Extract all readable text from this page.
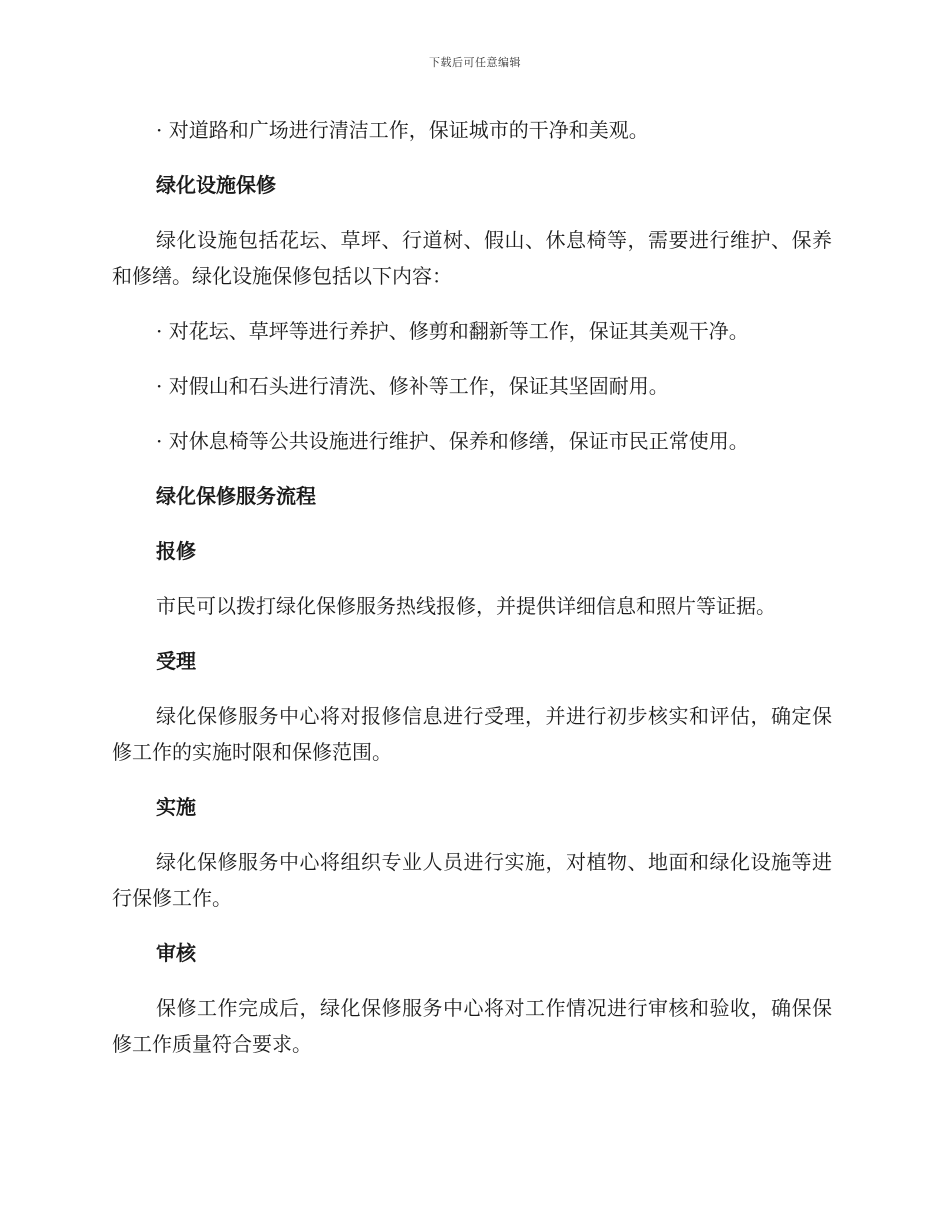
下载后可任意编辑

· 对道路和广场进行清洁工作，保证城市的干净和美观。

绿化设施保修

绿化设施包括花坛、草坪、行道树、假山、休息椅等，需要进行维护、保养和修缮。绿化设施保修包括以下内容：

· 对花坛、草坪等进行养护、修剪和翻新等工作，保证其美观干净。

· 对假山和石头进行清洗、修补等工作，保证其坚固耐用。

· 对休息椅等公共设施进行维护、保养和修缮，保证市民正常使用。

绿化保修服务流程

报修

市民可以拨打绿化保修服务热线报修，并提供详细信息和照片等证据。

受理

绿化保修服务中心将对报修信息进行受理，并进行初步核实和评估，确定保修工作的实施时限和保修范围。

实施

绿化保修服务中心将组织专业人员进行实施，对植物、地面和绿化设施等进行保修工作。

审核

保修工作完成后，绿化保修服务中心将对工作情况进行审核和验收，确保保修工作质量符合要求。
